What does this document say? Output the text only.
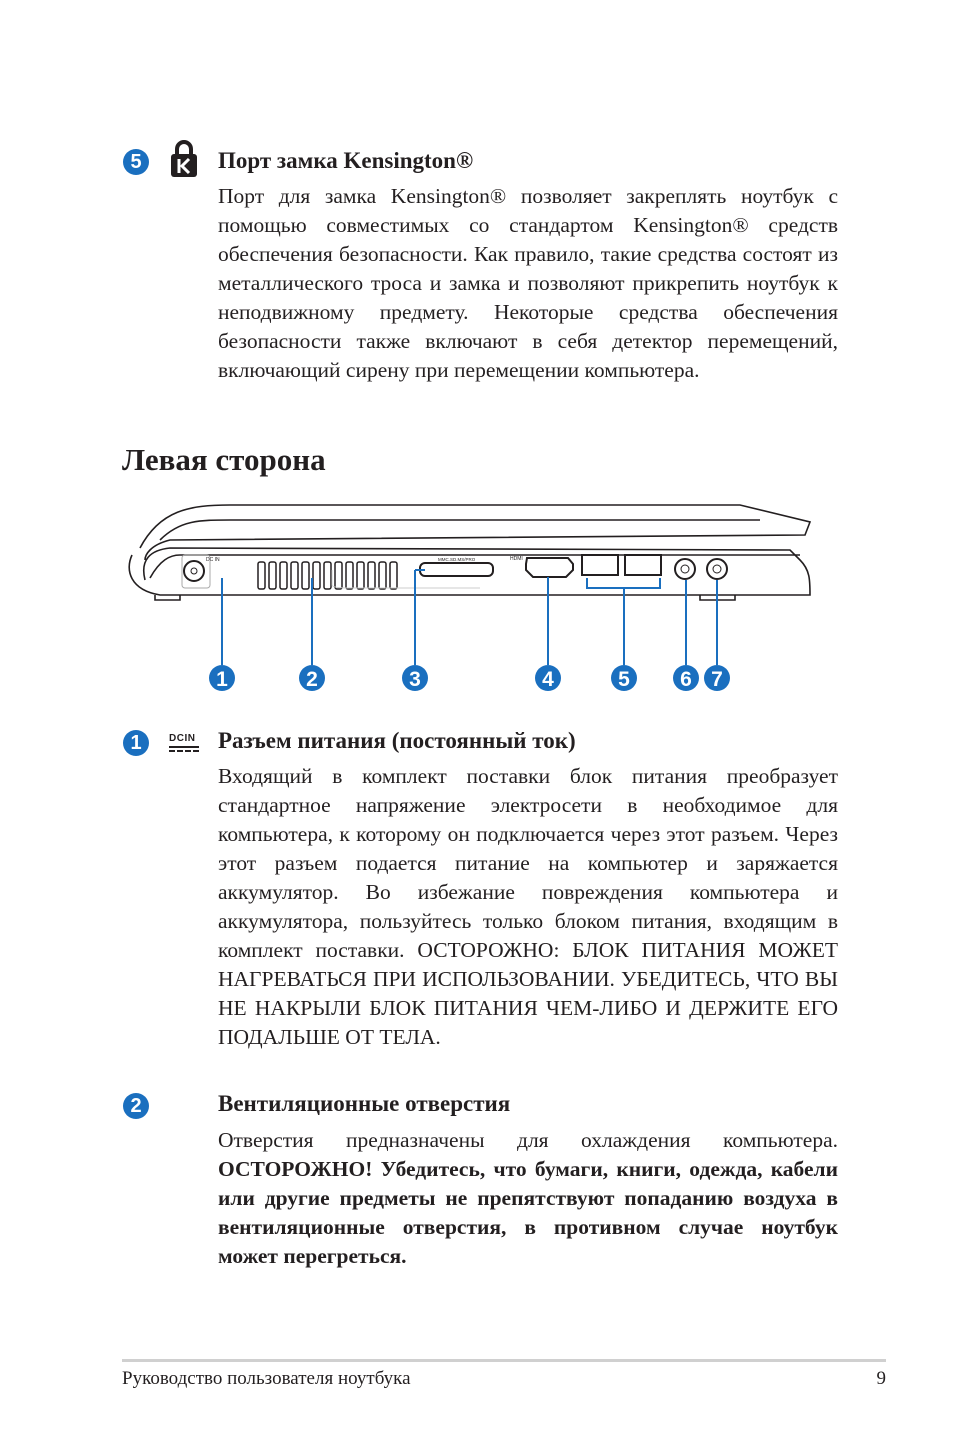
5	Порт замка Kensington®
Порт для замка Kensington® позволяет закреплять ноутбук с помощью совместимых со стандартом Kensington® средств обеспечения безопасности. Как правило, такие средства состоят из металлического троса и замка и позволяют прикрепить ноутбук к неподвижному предмету. Некоторые средства обеспечения безопасности также включают в себя детектор перемещений, включающий сирену при перемещении компьютера.
Левая сторона
DC IN	MMC.SD.MS/PRO	HDMI
1	2	3	4	5 6 7
1	DCIN Разъем питания (постоянный ток)
Входящий в комплект поставки блок питания преобразует стандартное напряжение электросети в необходимое для компьютера, к которому он подключается через этот разъем. Через этот разъем подается питание на компьютер и заряжается аккумулятор. Во избежание повреждения компьютера и аккумулятора, пользуйтесь только блоком питания, входящим в комплект поставки. ОСТОРОЖНО: БЛОК ПИТАНИЯ МОЖЕТ НАГРЕВАТЬСЯ ПРИ ИСПОЛЬЗОВАНИИ. УБЕДИТЕСЬ, ЧТО ВЫ НЕ НАКРЫЛИ БЛОК ПИТАНИЯ ЧЕМ-ЛИБО И ДЕРЖИТЕ ЕГО ПОДАЛЬШЕ ОТ ТЕЛА.
2	Вентиляционные отверстия
Отверстия предназначены для охлаждения компьютера. ОСТОРОЖНО! Убедитесь, что бумаги, книги, одежда, кабели или другие предметы не препятствуют попаданию воздуха в вентиляционные отверстия, в противном случае ноутбук может перегреться.
Руководство пользователя ноутбука	9
